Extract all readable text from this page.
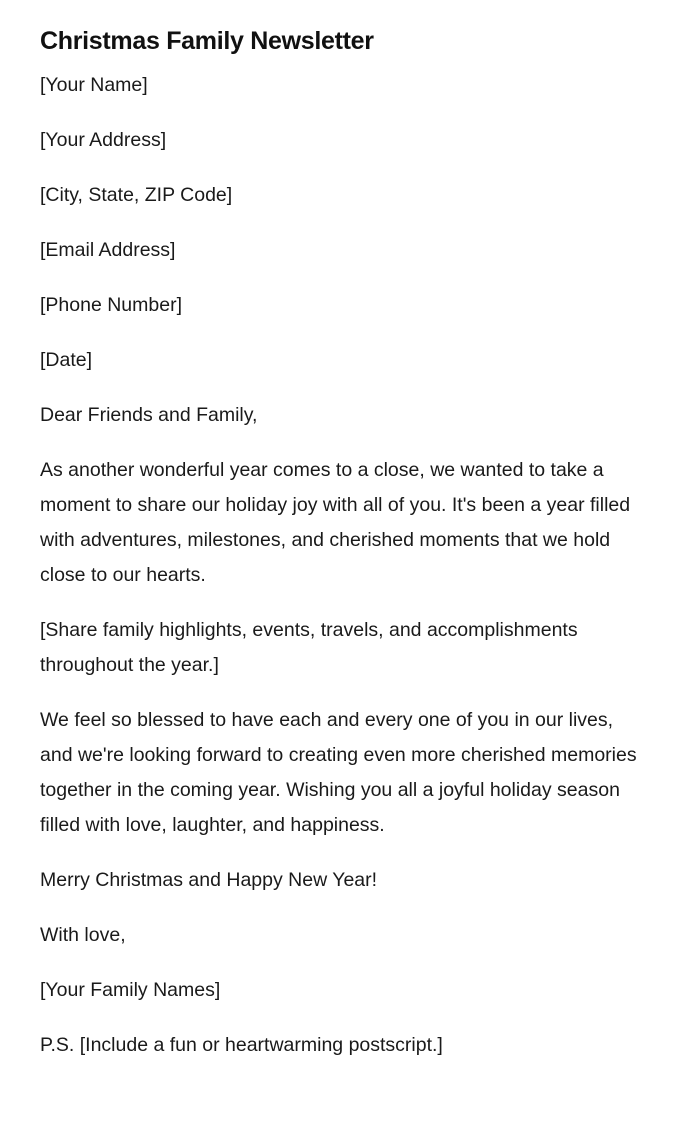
Christmas Family Newsletter

[Your Name]

[Your Address]

[City, State, ZIP Code]

[Email Address]

[Phone Number]

[Date]

Dear Friends and Family,

As another wonderful year comes to a close, we wanted to take a moment to share our holiday joy with all of you. It's been a year filled with adventures, milestones, and cherished moments that we hold close to our hearts.

[Share family highlights, events, travels, and accomplishments throughout the year.]

We feel so blessed to have each and every one of you in our lives, and we're looking forward to creating even more cherished memories together in the coming year. Wishing you all a joyful holiday season filled with love, laughter, and happiness.

Merry Christmas and Happy New Year!

With love,

[Your Family Names]

P.S. [Include a fun or heartwarming postscript.]
